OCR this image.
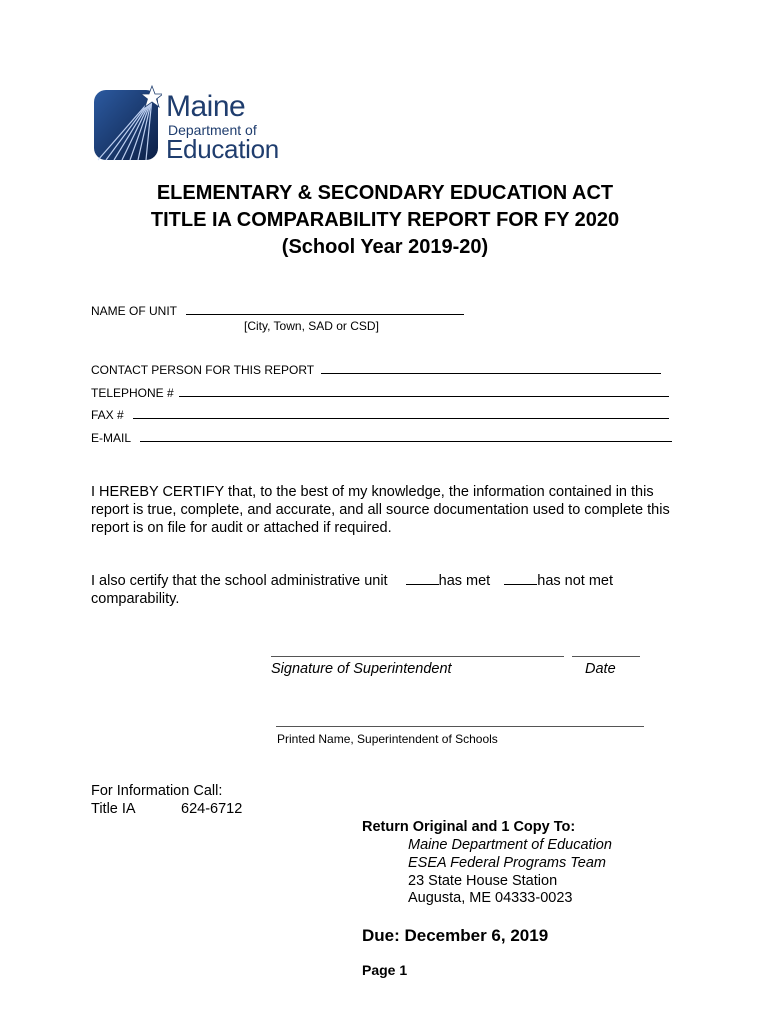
Maine
Department of
Education
ELEMENTARY & SECONDARY EDUCATION ACT
TITLE IA COMPARABILITY REPORT FOR FY 2020
(School Year 2019-20)
NAME OF UNIT
[City, Town, SAD or CSD]
CONTACT PERSON FOR THIS REPORT
TELEPHONE #
FAX #
E-MAIL
I HEREBY CERTIFY that, to the best of my knowledge, the information contained in this report is true, complete, and accurate, and all source documentation used to complete this report is on file for audit or attached if required.
I also certify that the school administrative unit	has met	has not met
comparability.
Signature of Superintendent	Date
Printed Name, Superintendent of Schools
For Information Call:
Title IA	624-6712
Return Original and 1 Copy To:
Maine Department of Education
ESEA Federal Programs Team
23 State House Station
Augusta, ME 04333-0023
Due: December 6, 2019
Page 1
